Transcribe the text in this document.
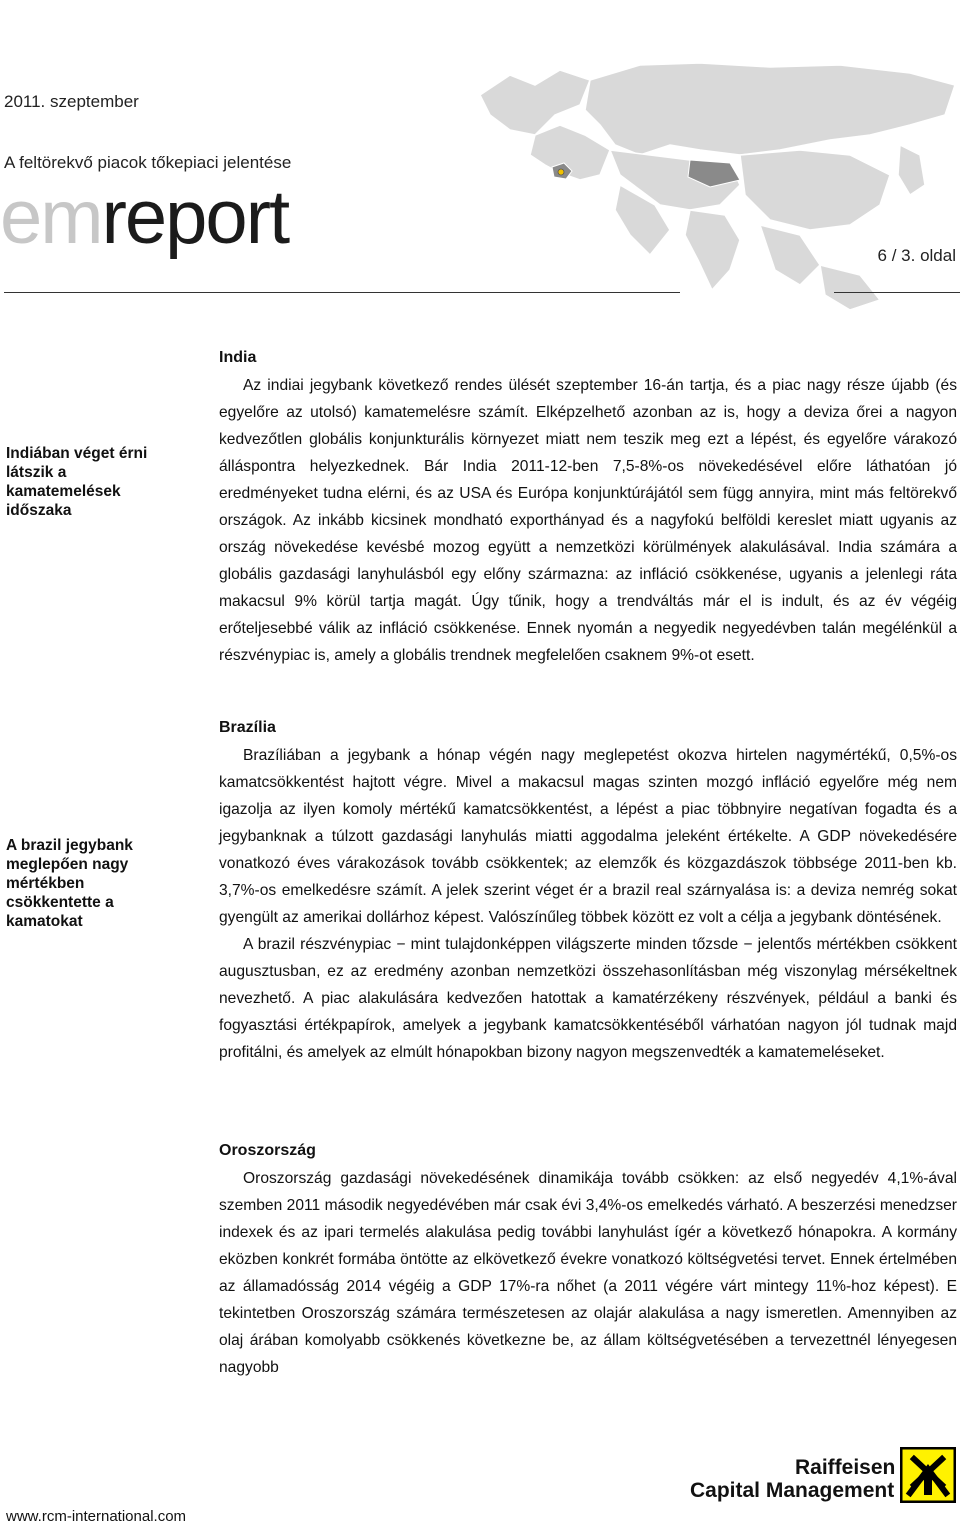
2011. szeptember
A feltörekvő piacok tőkepiaci jelentése
emreport	6 / 3. oldal
Indiában véget érni látszik a kamatemelések időszaka
A brazil jegybank meglepően nagy mértékben csökkentette a kamatokat
India

Az indiai jegybank következő rendes ülését szeptember 16-án tartja, és a piac nagy része újabb (és egyelőre az utolsó) kamatemelésre számít. Elképzelhető azonban az is, hogy a deviza őrei a nagyon kedvezőtlen globális konjunkturális környezet miatt nem teszik meg ezt a lépést, és egyelőre várakozó álláspontra helyezkednek. Bár India 2011-12-ben 7,5-8%-os növekedésével előre láthatóan jó eredményeket tudna elérni, és az USA és Európa konjunktúrájától sem függ annyira, mint más feltörekvő országok. Az inkább kicsinek mondható exporthányad és a nagyfokú belföldi kereslet miatt ugyanis az ország növekedése kevésbé mozog együtt a nemzetközi körülmények alakulásával. India számára a globális gazdasági lanyhulásból egy előny származna: az infláció csökkenése, ugyanis a jelenlegi ráta makacsul 9% körül tartja magát. Úgy tűnik, hogy a trendváltás már el is indult, és az év végéig erőteljesebbé válik az infláció csökkenése. Ennek nyomán a negyedik negyedévben talán megélénkül a részvénypiac is, amely a globális trendnek megfelelően csaknem 9%-ot esett.

Brazília

Brazíliában a jegybank a hónap végén nagy meglepetést okozva hirtelen nagymértékű, 0,5%-os kamatcsökkentést hajtott végre. Mivel a makacsul magas szinten mozgó infláció egyelőre még nem igazolja az ilyen komoly mértékű kamatcsökkentést, a lépést a piac többnyire negatívan fogadta és a jegybanknak a túlzott gazdasági lanyhulás miatti aggodalma jeleként értékelte. A GDP növekedésére vonatkozó éves várakozások tovább csökkentek; az elemzők és közgazdászok többsége 2011-ben kb. 3,7%-os emelkedésre számít. A jelek szerint véget ér a brazil real szárnyalása is: a deviza nemrég sokat gyengült az amerikai dollárhoz képest. Valószínűleg többek között ez volt a célja a jegybank döntésének.

A brazil részvénypiac − mint tulajdonképpen világszerte minden tőzsde − jelentős mértékben csökkent augusztusban, ez az eredmény azonban nemzetközi összehasonlításban még viszonylag mérsékeltnek nevezhető. A piac alakulására kedvezően hatottak a kamatérzékeny részvények, például a banki és fogyasztási értékpapírok, amelyek a jegybank kamatcsökkentéséből várhatóan nagyon jól tudnak majd profitálni, és amelyek az elmúlt hónapokban bizony nagyon megszenvedték a kamatemeléseket.

Oroszország

Oroszország gazdasági növekedésének dinamikája tovább csökken: az első negyedév 4,1%-ával szemben 2011 második negyedévében már csak évi 3,4%-os emelkedés várható. A beszerzési menedzser indexek és az ipari termelés alakulása pedig további lanyhulást ígér a következő hónapokra. A kormány eközben konkrét formába öntötte az elkövetkező évekre vonatkozó költségvetési tervet. Ennek értelmében az államadósság 2014 végéig a GDP 17%-ra nőhet (a 2011 végére várt mintegy 11%-hoz képest). E tekintetben Oroszország számára természetesen az olajár alakulása a nagy ismeretlen. Amennyiben az olaj árában komolyabb csökkenés következne be, az állam költségvetésében a tervezettnél lényegesen nagyobb

www.rcm-international.com
Raiffeisen
Capital Management
